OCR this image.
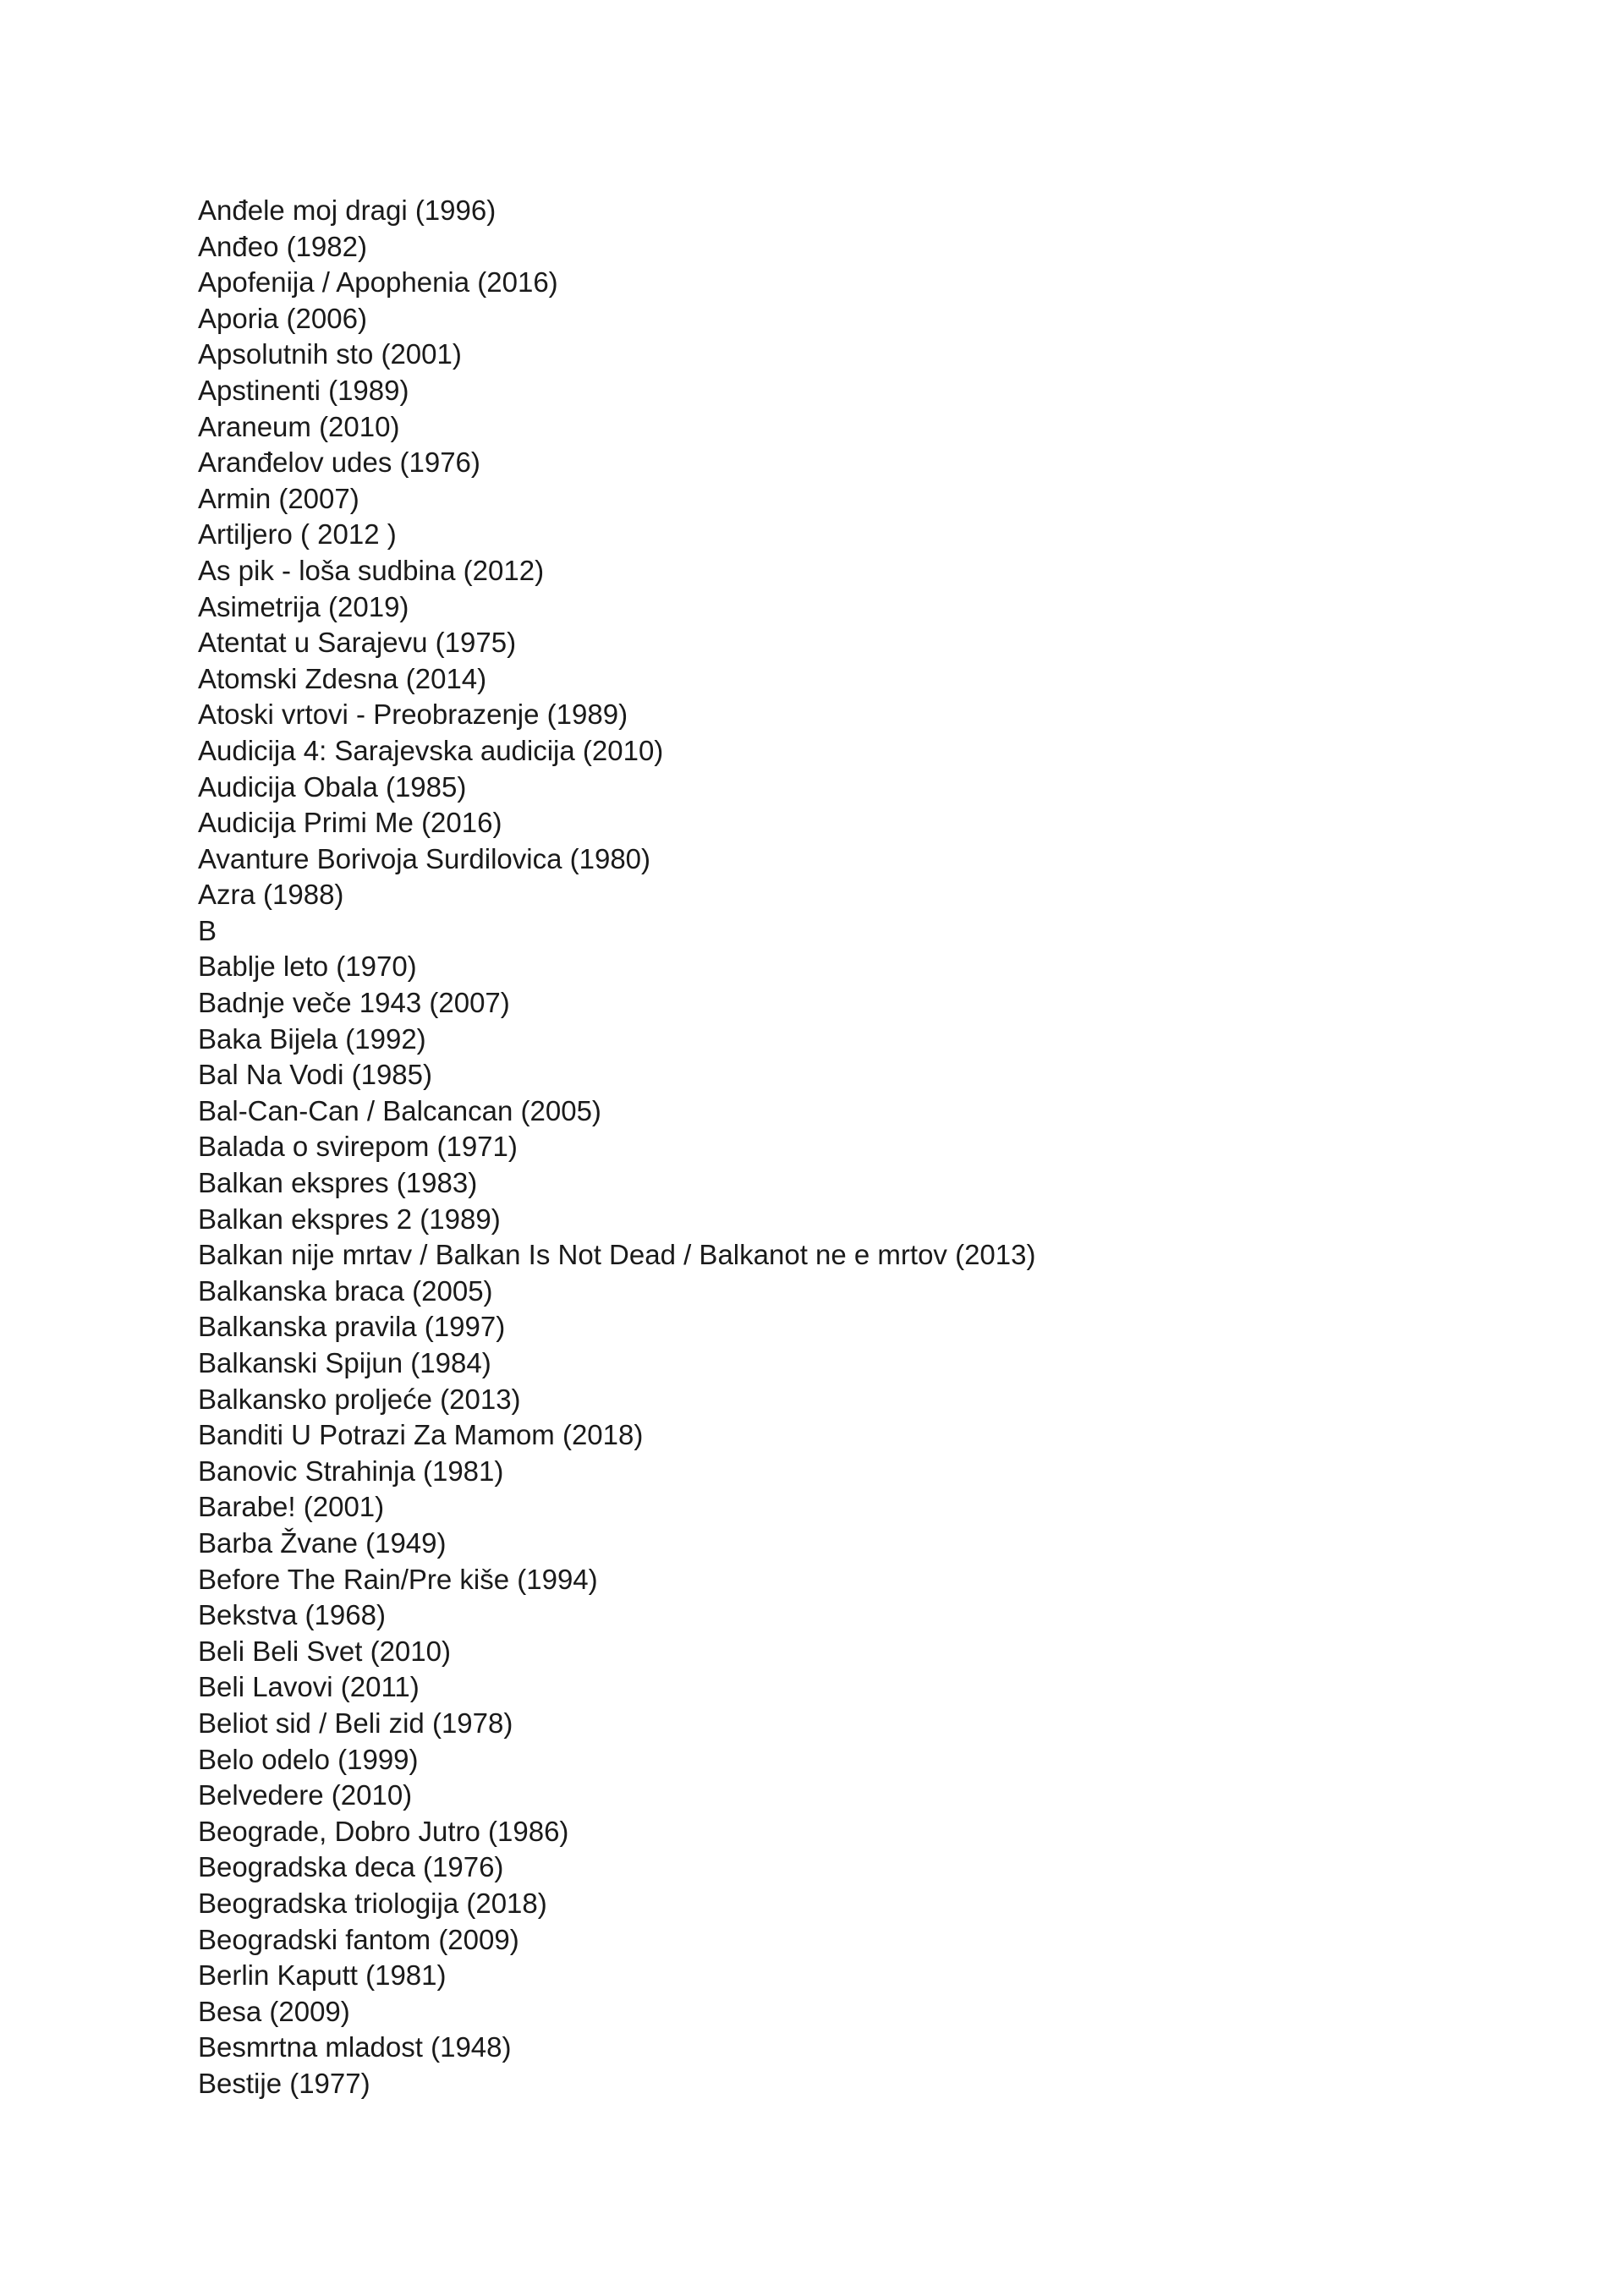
Anđele moj dragi (1996)
Anđeo (1982)
Apofenija / Apophenia (2016)
Aporia (2006)
Apsolutnih sto (2001)
Apstinenti (1989)
Araneum (2010)
Aranđelov udes (1976)
Armin (2007)
Artiljero ( 2012 )
As pik - loša sudbina (2012)
Asimetrija (2019)
Atentat u Sarajevu (1975)
Atomski Zdesna (2014)
Atoski vrtovi - Preobrazenje (1989)
Audicija 4: Sarajevska audicija (2010)
Audicija Obala (1985)
Audicija Primi Me (2016)
Avanture Borivoja Surdilovica (1980)
Azra (1988)
B
Bablje leto (1970)
Badnje veče 1943 (2007)
Baka Bijela (1992)
Bal Na Vodi (1985)
Bal-Can-Can / Balcancan (2005)
Balada o svirepom (1971)
Balkan ekspres (1983)
Balkan ekspres 2 (1989)
Balkan nije mrtav / Balkan Is Not Dead / Balkanot ne e mrtov (2013)
Balkanska braca (2005)
Balkanska pravila (1997)
Balkanski Spijun (1984)
Balkansko proljeće (2013)
Banditi U Potrazi Za Mamom (2018)
Banovic Strahinja (1981)
Barabe! (2001)
Barba Žvane (1949)
Before The Rain/Pre kiše (1994)
Bekstva (1968)
Beli Beli Svet (2010)
Beli Lavovi (2011)
Beliot sid / Beli zid (1978)
Belo odelo (1999)
Belvedere (2010)
Beograde, Dobro Jutro (1986)
Beogradska deca (1976)
Beogradska triologija (2018)
Beogradski fantom (2009)
Berlin Kaputt (1981)
Besa (2009)
Besmrtna mladost (1948)
Bestije (1977)
